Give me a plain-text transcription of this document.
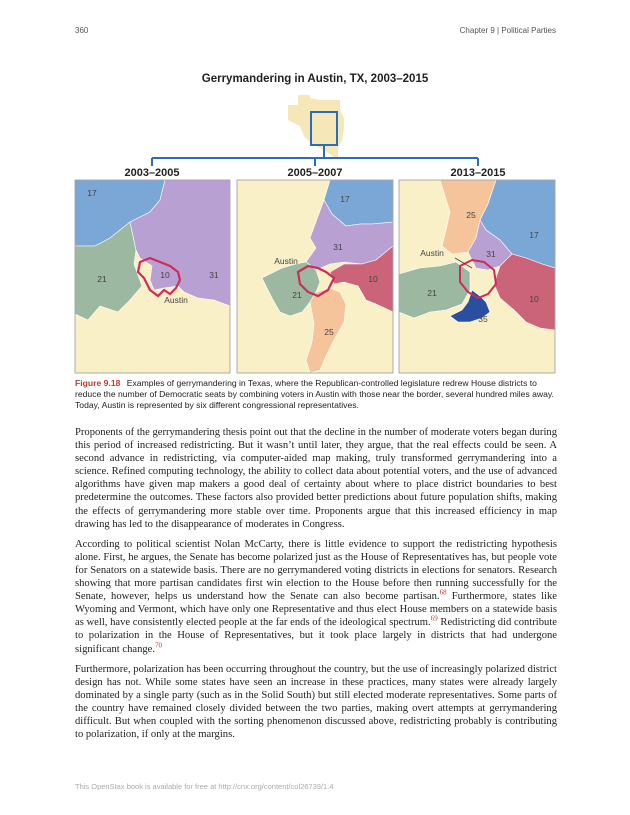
360	Chapter 9 | Political Parties
Gerrymandering in Austin, TX, 2003–2015
2003–2005	2005–2007	2013–2015
17
21	10	31
Austin
17
31
10
21
25
Austin
25
17
31
21
10
35
Austin
Figure 9.18 Examples of gerrymandering in Texas, where the Republican-controlled legislature redrew House districts to reduce the number of Democratic seats by combining voters in Austin with those near the border, several hundred miles away. Today, Austin is represented by six different congressional representatives.

Proponents of the gerrymandering thesis point out that the decline in the number of moderate voters began during this period of increased redistricting. But it wasn’t until later, they argue, that the real effects could be seen. A second advance in redistricting, via computer-aided map making, truly transformed gerrymandering into a science. Refined computing technology, the ability to collect data about potential voters, and the use of advanced algorithms have given map makers a good deal of certainty about where to place district boundaries to best predetermine the outcomes. These factors also provided better predictions about future population shifts, making the effects of gerrymandering more stable over time. Proponents argue that this increased efficiency in map drawing has led to the disappearance of moderates in Congress.

According to political scientist Nolan McCarty, there is little evidence to support the redistricting hypothesis alone. First, he argues, the Senate has become polarized just as the House of Representatives has, but people vote for Senators on a statewide basis. There are no gerrymandered voting districts in elections for senators. Research showing that more partisan candidates first win election to the House before then running successfully for the Senate, however, helps us understand how the Senate can also become partisan.$^{68}$ Furthermore, states like Wyoming and Vermont, which have only one Representative and thus elect House members on a statewide basis as well, have consistently elected people at the far ends of the ideological spectrum.$^{69}$ Redistricting did contribute to polarization in the House of Representatives, but it took place largely in districts that had undergone significant change.$^{70}$

Furthermore, polarization has been occurring throughout the country, but the use of increasingly polarized district design has not. While some states have seen an increase in these practices, many states were already largely dominated by a single party (such as in the Solid South) but still elected moderate representatives. Some parts of the country have remained closely divided between the two parties, making overt attempts at gerrymandering difficult. But when coupled with the sorting phenomenon discussed above, redistricting probably is contributing to polarization, if only at the margins.

This OpenStax book is available for free at http://cnx.org/content/col26739/1.4
